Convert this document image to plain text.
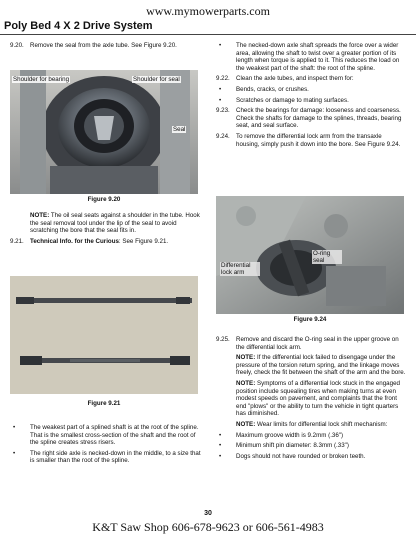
www.mymowerparts.com
Poly Bed 4 X 2 Drive System
9.20. Remove the seal from the axle tube. See Figure 9.20.
Shoulder for bearing	Shoulder for seal
Seal
Figure 9.20
NOTE: The oil seal seats against a shoulder in the tube. Hook the seal removal tool under the lip of the seal to avoid scratching the bore that the seal fits in.
9.21. Technical Info. for the Curious: See Figure 9.21.
Figure 9.21
• The weakest part of a splined shaft is at the root of the spline. That is the smallest cross-section of the shaft and the root of the spline creates stress risers.
• The right side axle is necked-down in the middle, to a size that is smaller than the root of the spline.
• The necked-down axle shaft spreads the force over a wider area, allowing the shaft to twist over a greater portion of its length when torque is applied to it. This reduces the load on the weakest part of the shaft: the root of the spline.
9.22. Clean the axle tubes, and inspect them for:
• Bends, cracks, or crushes.
• Scratches or damage to mating surfaces.
9.23. Check the bearings for damage: looseness and coarseness. Check the shafts for damage to the splines, threads, bearing seat, and seal surface.
9.24. To remove the differential lock arm from the transaxle housing, simply push it down into the bore. See Figure 9.24.
O-ring seal
Differential lock arm
Figure 9.24
9.25. Remove and discard the O-ring seal in the upper groove on the differential lock arm.
NOTE: If the differential lock failed to disengage under the pressure of the torsion return spring, and the linkage moves freely, check the fit between the shaft of the arm and the bore.
NOTE: Symptoms of a differential lock stuck in the engaged position include squealing tires when making turns at even modest speeds on pavement, and complaints that the front end "plows" or the ability to turn the vehicle in tight quarters has diminished.
NOTE: Wear limits for differential lock shift mechanism:
• Maximum groove width is 9.2mm (.36")
• Minimum shift pin diameter: 8.3mm (.33")
• Dogs should not have rounded or broken teeth.
30
K&T Saw Shop 606-678-9623 or 606-561-4983
